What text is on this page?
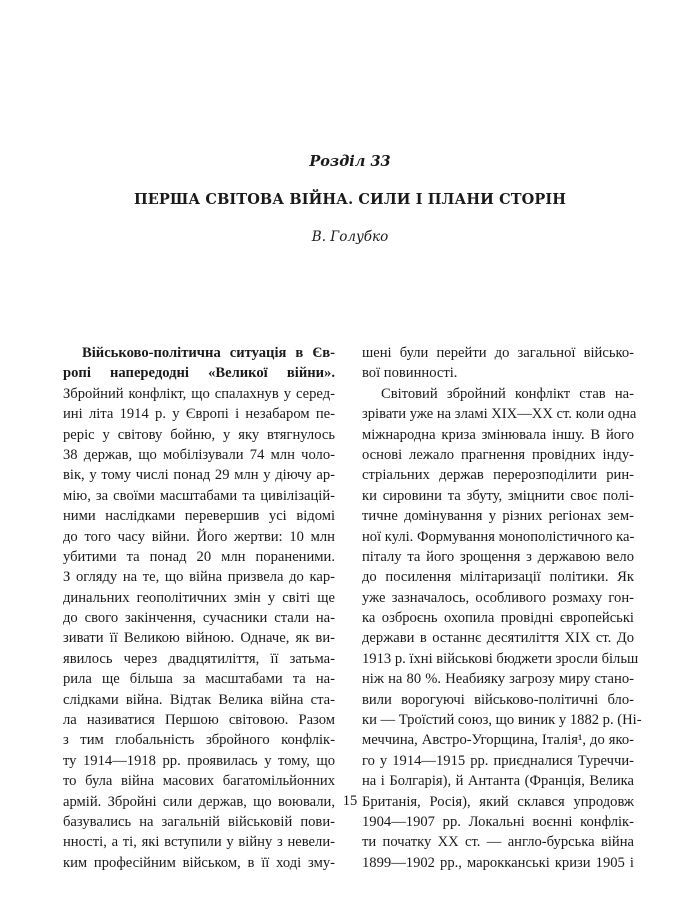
Розділ 33
ПЕРША СВІТОВА ВІЙНА. СИЛИ І ПЛАНИ СТОРІН
В. Голубко
Військово-політична ситуація в Єв-
ропі напередодні «Великої війни».
Збройний конфлікт, що спалахнув у серед-
ині літа 1914 р. у Європі і незабаром пе-
реріс у світову бойню, у яку втягнулось
38 держав, що мобілізували 74 млн чоло-
вік, у тому числі понад 29 млн у діючу ар-
мію, за своїми масштабами та цивілізацій-
ними наслідками перевершив усі відомі
до того часу війни. Його жертви: 10 млн
убитими та понад 20 млн пораненими.
З огляду на те, що війна призвела до кар-
динальних геополітичних змін у світі ще
до свого закінчення, сучасники стали на-
зивати її Великою війною. Одначе, як ви-
явилось через двадцятиліття, її затьма-
рила ще більша за масштабами та на-
слідками війна. Відтак Велика війна ста-
ла називатися Першою світовою. Разом
з тим глобальність збройного конфлік-
ту 1914—1918 рр. проявилась у тому, що
то була війна масових багатомільйонних
армій. Збройні сили держав, що воювали,
базувались на загальній військовій пови-
нності, а ті, які вступили у війну з невели-
ким професійним військом, в її ході зму-
шені були перейти до загальної військо-
вої повинності.
Світовий збройний конфлікт став на-
зрівати уже на зламі XIX—XX ст. коли одна
міжнародна криза змінювала іншу. В його
основі лежало прагнення провідних інду-
стріальних держав перерозподілити рин-
ки сировини та збуту, зміцнити своє полі-
тичне домінування у різних регіонах зем-
ної кулі. Формування монополістичного ка-
піталу та його зрощення з державою вело
до посилення мілітаризації політики. Як
уже зазначалось, особливого розмаху гон-
ка озброєнь охопила провідні європейські
держави в останнє десятиліття XIX ст. До
1913 р. їхні військові бюджети зросли більш
ніж на 80 %. Неабияку загрозу миру стано-
вили ворогуючі військово-політичні бло-
ки — Троїстий союз, що виник у 1882 р. (Ні-
меччина, Австро-Угорщина, Італія¹, до яко-
го у 1914—1915 рр. приєдналися Туреччи-
на і Болгарія), й Антанта (Франція, Велика
Британія, Росія), який склався упродовж
1904—1907 рр. Локальні воєнні конфлік-
ти початку XX ст. — англо-бурська війна
1899—1902 рр., марокканські кризи 1905 і
15
